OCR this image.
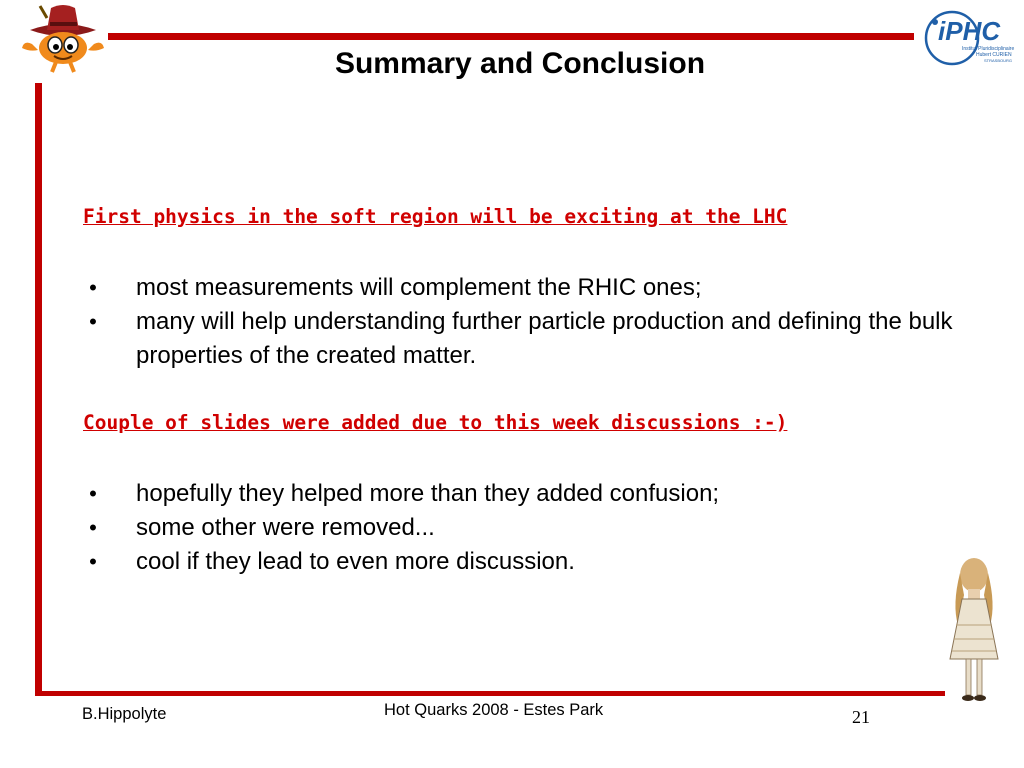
iPHC
Institut Pluridisciplinaire
Hubert CURIEN
STRASBOURG
Summary and Conclusion
First physics in the soft region will be exciting at the LHC
• most measurements will complement the RHIC ones;
• many will help understanding further particle production and defining the bulk properties of the created matter.
Couple of slides were added due to this week discussions :-)
• hopefully they helped more than they added confusion;
• some other were removed...
• cool if they lead to even more discussion.
B.Hippolyte	Hot Quarks 2008 - Estes Park	21
